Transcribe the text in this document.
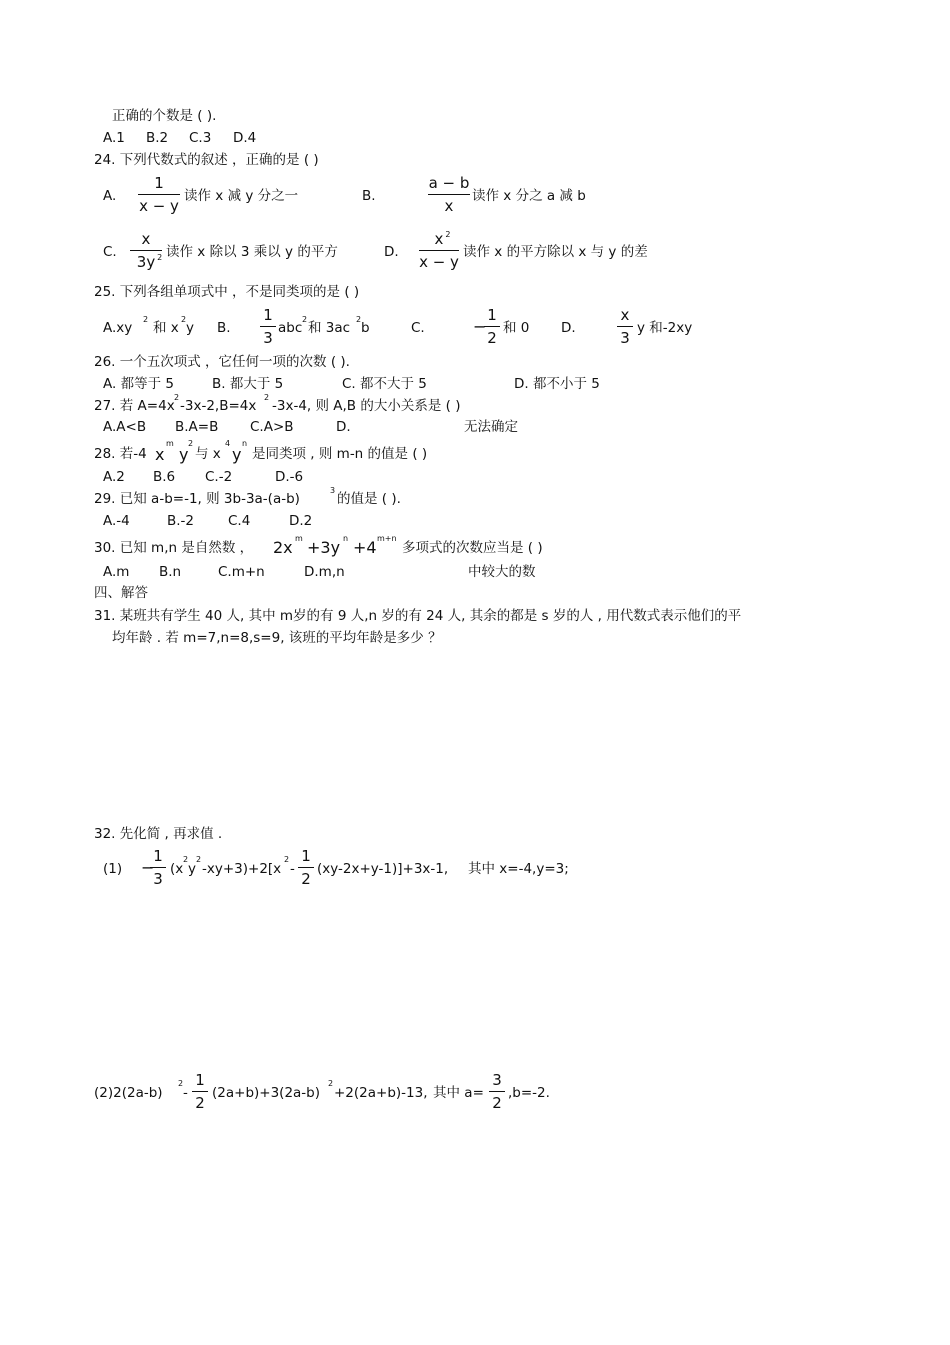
正确的个数是 ( ).
A.1 B.2 C.3 D.4
24. 下列代数式的叙述 ，正确的是 ( )
A.
1
x − y
读作 x 减 y 分之一	B.
a − b
x
读作 x 分之 a 减 b
C.
x
3y 2 读作 x 除以 3 乘以 y 的平方	D.
x 2
x − y
读作 x 的平方除以 x 与 y 的差
25. 下列各组单项式中 ，不是同类项的是 ( )
A.xy
2
和 x
2
y B.
1
3
abc
2
和 3ac
2
b	C.	−
1
2
和 0 D.
x
3
y 和-2xy
26. 一个五次项式 ，它任何一项的次数 ( ).
A. 都等于 5	B. 都大于 5	C. 都不大于 5	D. 都不小于 5
27. 若 A=4x
2
-3x-2,B=4x
2
-3x-4, 则 A,B 的大小关系是 ( )
A.A<B B.A=B C.A>B	D.	无法确定
28. 若-4 x
m
y
2
与 x
4
y
n
是同类项 , 则 m-n 的值是 ( )
A.2 B.6 C.-2	D.-6
29. 已知 a-b=-1, 则 3b-3a-(a-b)
3
的值是 ( ).
A.-4	B.-2	C.4	D.2
30. 已知 m,n 是自然数 ， 2x m +3y n +4 m+n
多项式的次数应当是 ( )
A.m B.n	C.m+n	D.m,n	中较大的数
四、解答
31. 某班共有学生 40 人, 其中 m岁的有 9 人,n 岁的有 24 人, 其余的都是 s 岁的人 , 用代数式表示他们的平
均年龄 . 若 m=7,n=8,s=9, 该班的平均年龄是多少 ？
32. 先化简 , 再求值 .
(1) −
1
3
(x
2
y
2
-xy+3)+2[x
2
-
1
2
(xy-2x+y-1)]+3x-1, 其中 x=-4,y=3;
(2)2(2a-b)
2
-
1
2
(2a+b)+3(2a-b)
2
+2(2a+b)-13, 其中 a=
3
2
,b=-2.
